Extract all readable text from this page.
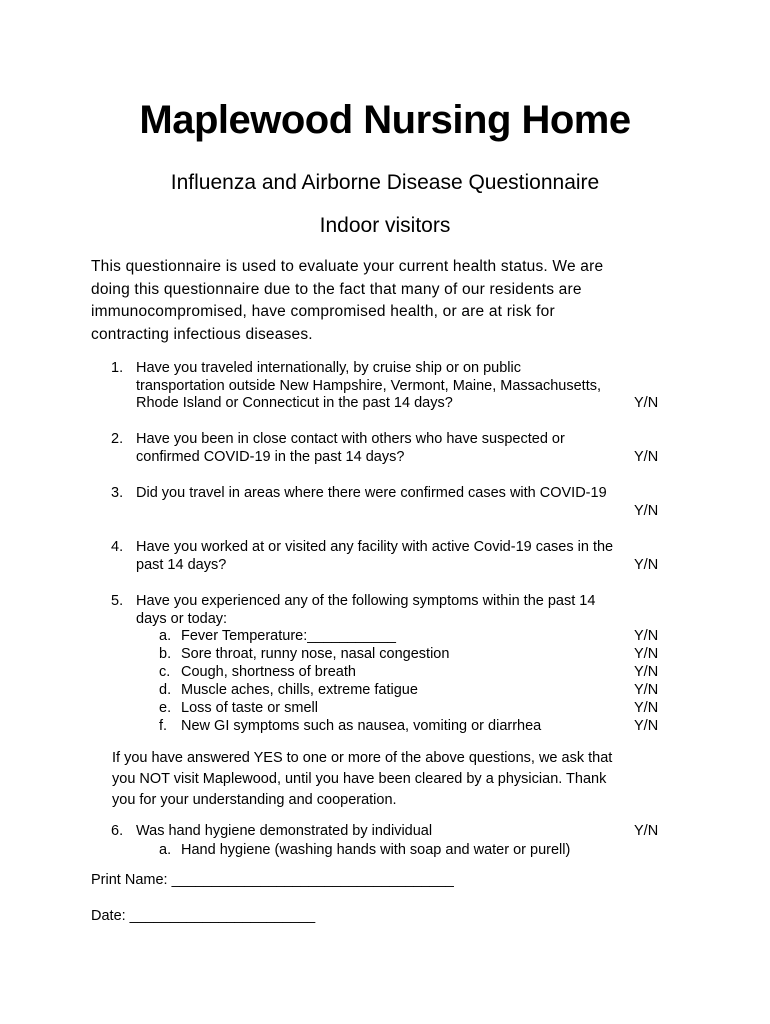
Maplewood Nursing Home
Influenza and Airborne Disease Questionnaire
Indoor visitors

This questionnaire is used to evaluate your current health status. We are
doing this questionnaire due to the fact that many of our residents are
immunocompromised, have compromised health, or are at risk for
contracting infectious diseases.

1. Have you traveled internationally, by cruise ship or on public
transportation outside New Hampshire, Vermont, Maine, Massachusetts,
Rhode Island or Connecticut in the past 14 days?	Y/N
2. Have you been in close contact with others who have suspected or
confirmed COVID-19 in the past 14 days?	Y/N
3. Did you travel in areas where there were confirmed cases with COVID-19
Y/N
4. Have you worked at or visited any facility with active Covid-19 cases in the
past 14 days?	Y/N
5. Have you experienced any of the following symptoms within the past 14
days or today:
a. Fever Temperature:___________	Y/N
b. Sore throat, runny nose, nasal congestion	Y/N
c. Cough, shortness of breath	Y/N
d. Muscle aches, chills, extreme fatigue	Y/N
e. Loss of taste or smell	Y/N
f. New GI symptoms such as nausea, vomiting or diarrhea	Y/N

If you have answered YES to one or more of the above questions, we ask that
you NOT visit Maplewood, until you have been cleared by a physician. Thank
you for your understanding and cooperation.

6. Was hand hygiene demonstrated by individual	Y/N
a. Hand hygiene (washing hands with soap and water or purell)
Print Name: ___________________________________
Date: _______________________
